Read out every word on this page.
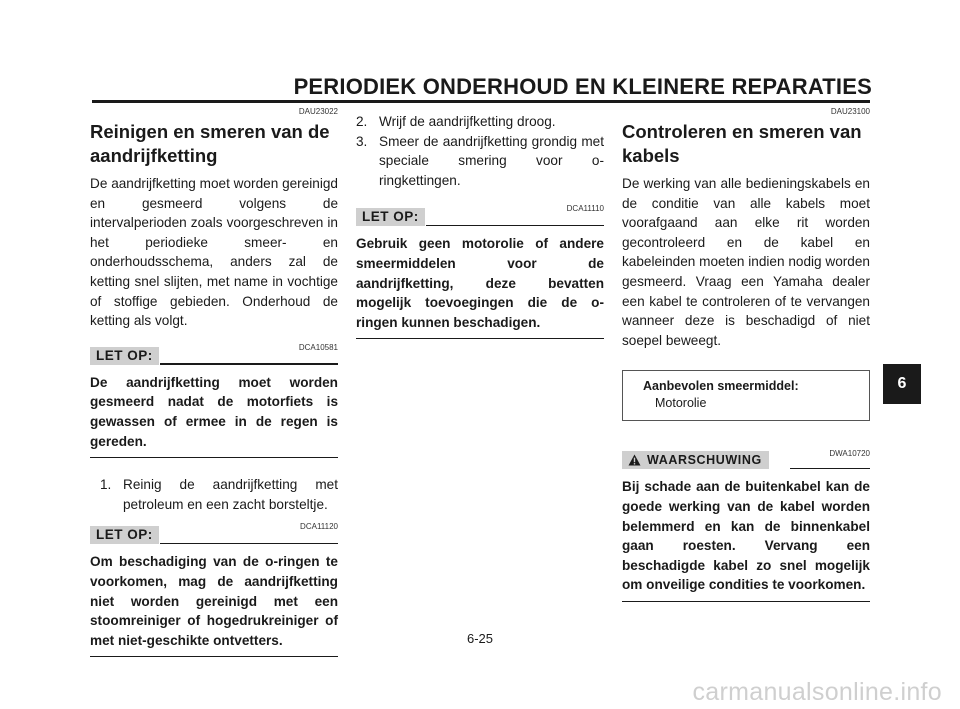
PERIODIEK ONDERHOUD EN KLEINERE REPARATIES
DAU23022
Reinigen en smeren van de aandrijfketting

De aandrijfketting moet worden gereinigd en gesmeerd volgens de intervalperioden zoals voorgeschreven in het periodieke smeer- en onderhoudsschema, anders zal de ketting snel slijten, met name in vochtige of stoffige gebieden. Onderhoud de ketting als volgt.

DCA10581
LET OP:

De aandrijfketting moet worden gesmeerd nadat de motorfiets is gewassen of ermee in de regen is gereden.

1. Reinig de aandrijfketting met petroleum en een zacht borsteltje.
DCA11120
LET OP:

Om beschadiging van de o-ringen te voorkomen, mag de aandrijfketting niet worden gereinigd met een stoomreiniger of hogedrukreiniger of met niet-geschikte ontvetters.

2. Wrijf de aandrijfketting droog.
3. Smeer de aandrijfketting grondig met speciale smering voor o-ringkettingen.
DCA11110
LET OP:

Gebruik geen motorolie of andere smeermiddelen voor de aandrijfketting, deze bevatten mogelijk toevoegingen die de o-ringen kunnen beschadigen.

DAU23100
Controleren en smeren van kabels

De werking van alle bedieningskabels en de conditie van alle kabels moet voorafgaand aan elke rit worden gecontroleerd en de kabel en kabeleinden moeten indien nodig worden gesmeerd. Vraag een Yamaha dealer een kabel te controleren of te vervangen wanneer deze is beschadigd of niet soepel beweegt.

Aanbevolen smeermiddel:
Motorolie
DWA10720
WAARSCHUWING

Bij schade aan de buitenkabel kan de goede werking van de kabel worden belemmerd en kan de binnenkabel gaan roesten. Vervang een beschadigde kabel zo snel mogelijk om onveilige condities te voorkomen.

6
6-25
carmanualsonline.info
